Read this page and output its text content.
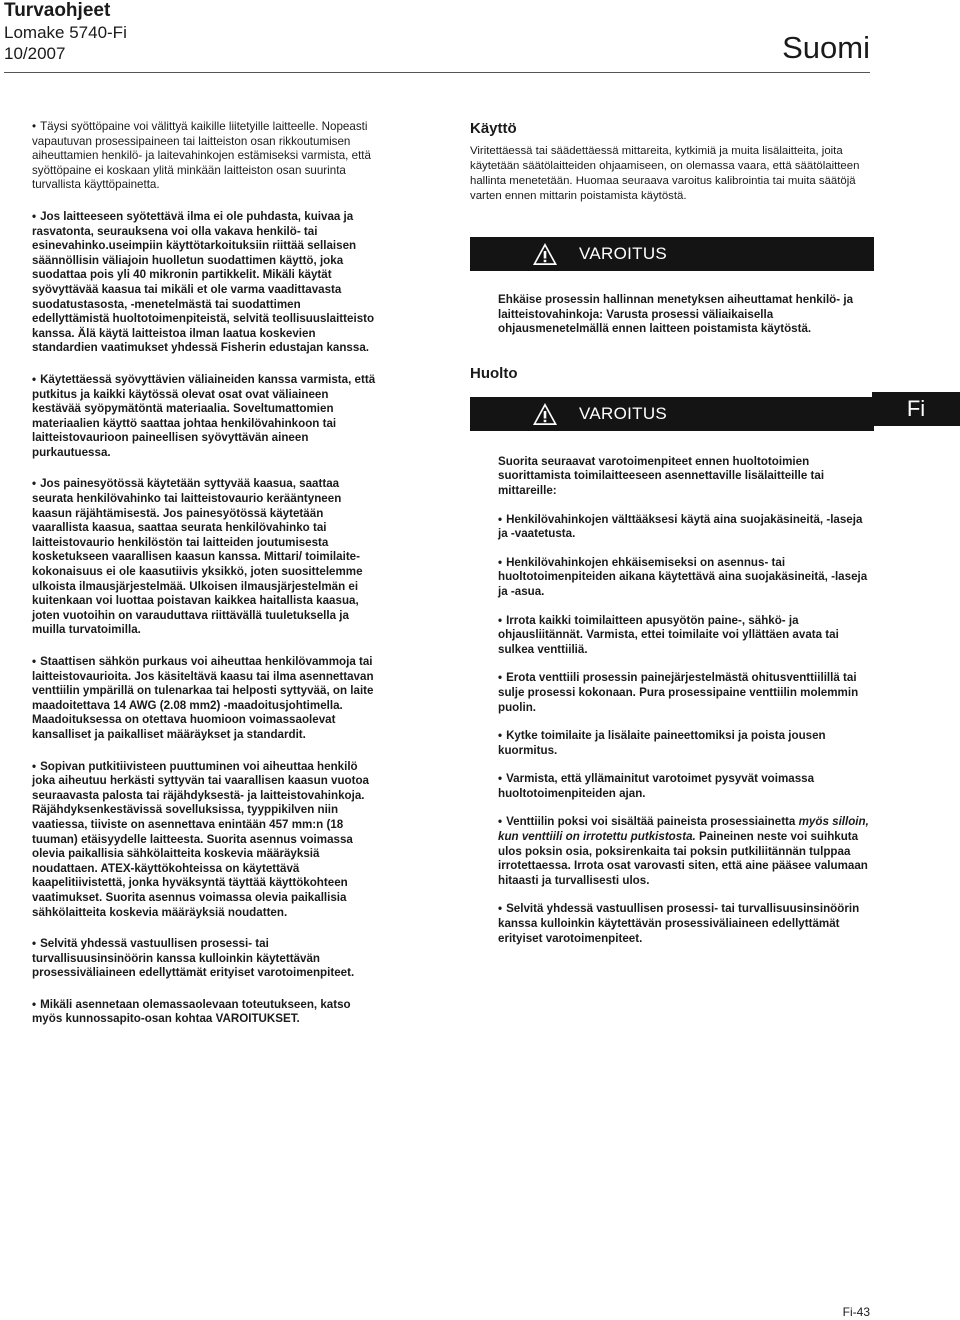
Turvaohjeet
Lomake 5740-Fi
10/2007	Suomi

• Täysi syöttöpaine voi välittyä kaikille liitetyille laitteelle. Nopeasti vapautuvan prosessipaineen tai laitteiston osan rikkoutumisen aiheuttamien henkilö- ja laitevahinkojen estämiseksi varmista, että syöttöpaine ei koskaan ylitä minkään laitteiston osan suurinta turvallista käyttöpainetta.

• Jos laitteeseen syötettävä ilma ei ole puhdasta, kuivaa ja rasvatonta, seurauksena voi olla vakava henkilö- tai esinevahinko.useimpiin käyttötarkoituksiin riittää sellaisen säännöllisin väliajoin huolletun suodattimen käyttö, joka suodattaa pois yli 40 mikronin partikkelit. Mikäli käytät syövyttävää kaasua tai mikäli et ole varma vaadittavasta suodatustasosta, -menetelmästä tai suodattimen edellyttämistä huoltotoimenpiteistä, selvitä teollisuuslaitteisto kanssa. Älä käytä laitteistoa ilman laatua koskevien standardien vaatimukset yhdessä Fisherin edustajan kanssa.

• Käytettäessä syövyttävien väliaineiden kanssa varmista, että putkitus ja kaikki käytössä olevat osat ovat väliaineen kestävää syöpymätöntä materiaalia. Soveltumattomien materiaalien käyttö saattaa johtaa henkilövahinkoon tai laitteistovaurioon paineellisen syövyttävän aineen purkautuessa.

• Jos painesyötössä käytetään syttyvää kaasua, saattaa seurata henkilövahinko tai laitteistovaurio kerääntyneen kaasun räjähtämisestä. Jos painesyötössä käytetään vaarallista kaasua, saattaa seurata henkilövahinko tai laitteistovaurio henkilöstön tai laitteiden joutumisesta kosketukseen vaarallisen kaasun kanssa. Mittari/ toimilaite-kokonaisuus ei ole kaasutiivis yksikkö, joten suosittelemme ulkoista ilmausjärjestelmää. Ulkoisen ilmausjärjestelmän ei kuitenkaan voi luottaa poistavan kaikkea haitallista kaasua, joten vuotoihin on varauduttava riittävällä tuuletuksella ja muilla turvatoimilla.

• Staattisen sähkön purkaus voi aiheuttaa henkilövammoja tai laitteistovaurioita. Jos käsiteltävä kaasu tai ilma asennettavan venttiilin ympärillä on tulenarkaa tai helposti syttyvää, on laite maadoitettava 14 AWG (2.08 mm2) -maadoitusjohtimella. Maadoituksessa on otettava huomioon voimassaolevat kansalliset ja paikalliset määräykset ja standardit.

• Sopivan putkitiivisteen puuttuminen voi aiheuttaa henkilö joka aiheutuu herkästi syttyvän tai vaarallisen kaasun vuotoa seuraavasta palosta tai räjähdyksestä- ja laitteistovahinkoja. Räjähdyksenkestävissä sovelluksissa, tyyppikilven niin vaatiessa, tiiviste on asennettava enintään 457 mm:n (18 tuuman) etäisyydelle laitteesta. Suorita asennus voimassa olevia paikallisia sähkölaitteita koskevia määräyksiä noudattaen. ATEX-käyttökohteissa on käytettävä kaapelitiivistettä, jonka hyväksyntä täyttää käyttökohteen vaatimukset. Suorita asennus voimassa olevia paikallisia sähkölaitteita koskevia määräyksiä noudatten.

• Selvitä yhdessä vastuullisen prosessi- tai turvallisuusinsinöörin kanssa kulloinkin käytettävän prosessiväliaineen edellyttämät erityiset varotoimenpiteet.

• Mikäli asennetaan olemassaolevaan toteutukseen, katso myös kunnossapito-osan kohtaa VAROITUKSET.

Käyttö

Viritettäessä tai säädettäessä mittareita, kytkimiä ja muita lisälaitteita, joita käytetään säätölaitteiden ohjaamiseen, on olemassa vaara, että säätölaitteen hallinta menetetään. Huomaa seuraava varoitus kalibrointia tai muita säätöjä varten ennen mittarin poistamista käytöstä.

VAROITUS

Ehkäise prosessin hallinnan menetyksen aiheuttamat henkilö- ja laitteistovahinkoja: Varusta prosessi väliaikaisella ohjausmenetelmällä ennen laitteen poistamista käytöstä.

Huolto
VAROITUS

Suorita seuraavat varotoimenpiteet ennen huoltotoimien suorittamista toimilaitteeseen asennettaville lisälaitteille tai mittareille:

• Henkilövahinkojen välttääksesi käytä aina suojakäsineitä, -laseja ja -vaatetusta.

• Henkilövahinkojen ehkäisemiseksi on asennus- tai huoltotoimenpiteiden aikana käytettävä aina suojakäsineitä, -laseja ja -asua.

• Irrota kaikki toimilaitteen apusyötön paine-, sähkö- ja ohjausliitännät. Varmista, ettei toimilaite voi yllättäen avata tai sulkea venttiiliä.

• Erota venttiili prosessin painejärjestelmästä ohitusventtiilillä tai sulje prosessi kokonaan. Pura prosessipaine venttiilin molemmin puolin.

• Kytke toimilaite ja lisälaite paineettomiksi ja poista jousen kuormitus.

• Varmista, että yllämainitut varotoimet pysyvät voimassa huoltotoimenpiteiden ajan.

• Venttiilin poksi voi sisältää paineista prosessiainetta myös silloin, kun venttiili on irrotettu putkistosta. Paineinen neste voi suihkuta ulos poksin osia, poksirenkaita tai poksin putkiliitännän tulppaa irrotettaessa. Irrota osat varovasti siten, että aine pääsee valumaan hitaasti ja turvallisesti ulos.

• Selvitä yhdessä vastuullisen prosessi- tai turvallisuusinsinöörin kanssa kulloinkin käytettävän prosessiväliaineen edellyttämät erityiset varotoimenpiteet.

Fi
Fi-43
